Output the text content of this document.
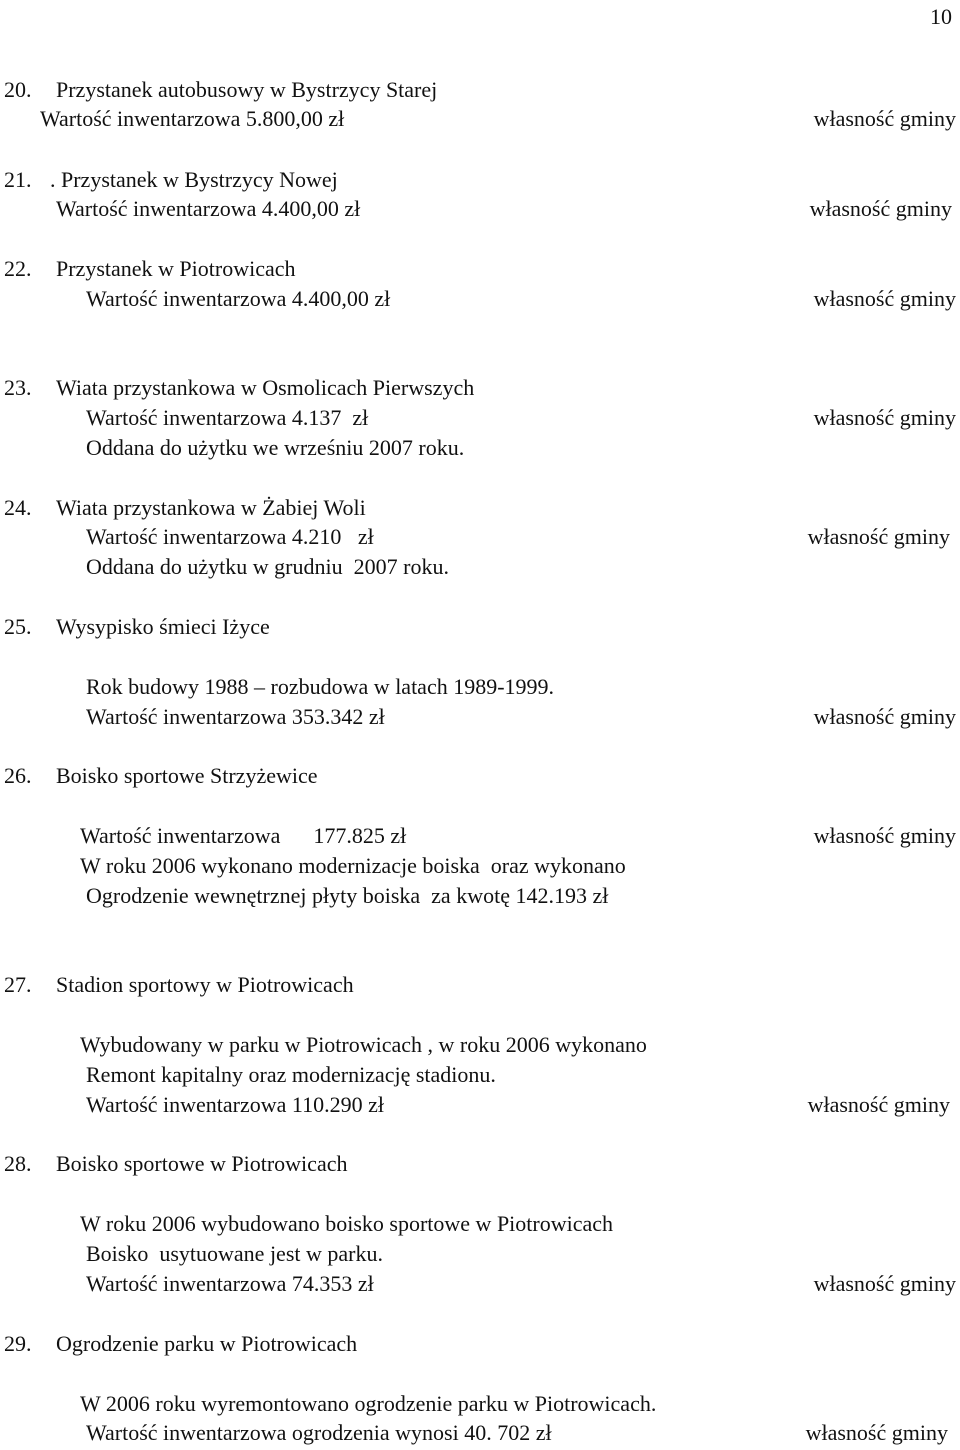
10
20. Przystanek autobusowy w Bystrzycy Starej
Wartość inwentarzowa 5.800,00 zł	własność gminy
21. . Przystanek w Bystrzycy Nowej
Wartość inwentarzowa 4.400,00 zł	własność gminy
22. Przystanek w Piotrowicach
Wartość inwentarzowa 4.400,00 zł	własność gminy
23. Wiata przystankowa w Osmolicach Pierwszych
Wartość inwentarzowa 4.137  zł	własność gminy
Oddana do użytku we wrześniu 2007 roku.
24. Wiata przystankowa w Żabiej Woli
Wartość inwentarzowa 4.210   zł	własność gminy
Oddana do użytku w grudniu  2007 roku.
25. Wysypisko śmieci Iżyce
Rok budowy 1988 – rozbudowa w latach 1989-1999.
Wartość inwentarzowa 353.342 zł	własność gminy
26. Boisko sportowe Strzyżewice
Wartość inwentarzowa      177.825 zł	własność gminy
W roku 2006 wykonano modernizacje boiska  oraz wykonano
Ogrodzenie wewnętrznej płyty boiska  za kwotę 142.193 zł
27. Stadion sportowy w Piotrowicach
Wybudowany w parku w Piotrowicach , w roku 2006 wykonano
Remont kapitalny oraz modernizację stadionu.
Wartość inwentarzowa 110.290 zł	własność gminy
28. Boisko sportowe w Piotrowicach
W roku 2006 wybudowano boisko sportowe w Piotrowicach
Boisko  usytuowane jest w parku.
Wartość inwentarzowa 74.353 zł	własność gminy
29. Ogrodzenie parku w Piotrowicach
W 2006 roku wyremontowano ogrodzenie parku w Piotrowicach.
Wartość inwentarzowa ogrodzenia wynosi 40. 702 zł	własność gminy
